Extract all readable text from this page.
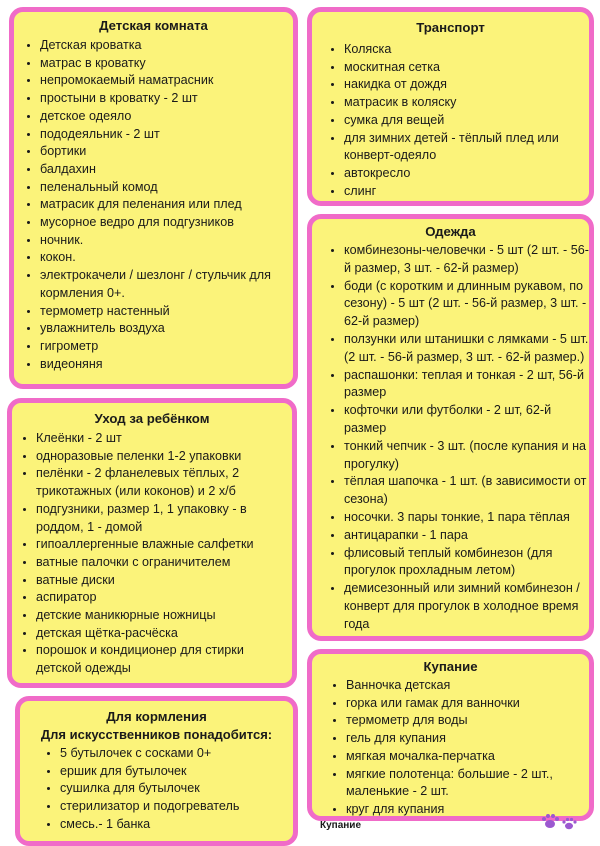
Детская комната
• Детская кроватка
• матрас в кроватку
• непромокаемый наматрасник
• простыни в кроватку - 2 шт
• детское одеяло
• пододеяльник - 2 шт
• бортики
• балдахин
• пеленальный комод
• матрасик для пеленания или плед
• мусорное ведро для подгузников
• ночник.
• кокон.
• электрокачели / шезлонг / стульчик для кормления 0+.
• термометр настенный
• увлажнитель воздуха
• гигрометр
• видеоняня
Транспорт
• Коляска
• москитная сетка
• накидка от дождя
• матрасик в коляску
• сумка для вещей
• для зимних детей - тёплый плед или конверт-одеяло
• автокресло
• слинг
Уход за ребёнком
• Клеёнки - 2 шт
• одноразовые пеленки 1-2 упаковки
• пелёнки - 2 фланелевых тёплых, 2 трикотажных (или коконов) и 2 х/б
• подгузники, размер 1, 1 упаковку - в роддом, 1 - домой
• гипоаллергенные влажные салфетки
• ватные палочки с ограничителем
• ватные диски
• аспиратор
• детские маникюрные ножницы
• детская щётка-расчёска
• порошок и кондиционер для стирки детской одежды
Одежда
• комбинезоны-человечки - 5 шт (2 шт. - 56-й размер, 3 шт. - 62-й размер)
• боди (с коротким и длинным рукавом, по сезону) - 5 шт (2 шт. - 56-й размер, 3 шт. - 62-й размер)
• ползунки или штанишки с лямками - 5 шт. (2 шт. - 56-й размер, 3 шт. - 62-й размер.)
• распашонки: теплая и тонкая - 2 шт, 56-й размер
• кофточки или футболки - 2 шт, 62-й размер
• тонкий чепчик - 3 шт. (после купания и на прогулку)
• тёплая шапочка - 1 шт. (в зависимости от сезона)
• носочки. 3 пары тонкие, 1 пара тёплая
• антицарапки - 1 пара
• флисовый теплый комбинезон (для прогулок прохладным летом)
• демисезонный или зимний комбинезон / конверт для прогулок в холодное время года
Для кормления
Для искусственников понадобится:
• 5 бутылочек с сосками 0+
• ершик для бутылочек
• сушилка для бутылочек
• стерилизатор и подогреватель
• смесь.- 1 банка
Купание
• Ванночка детская
• горка или гамак для ванночки
• термометр для воды
• гель для купания
• мягкая мочалка-перчатка
• мягкие полотенца: большие - 2 шт., маленькие - 2 шт.
• круг для купания
Купание
